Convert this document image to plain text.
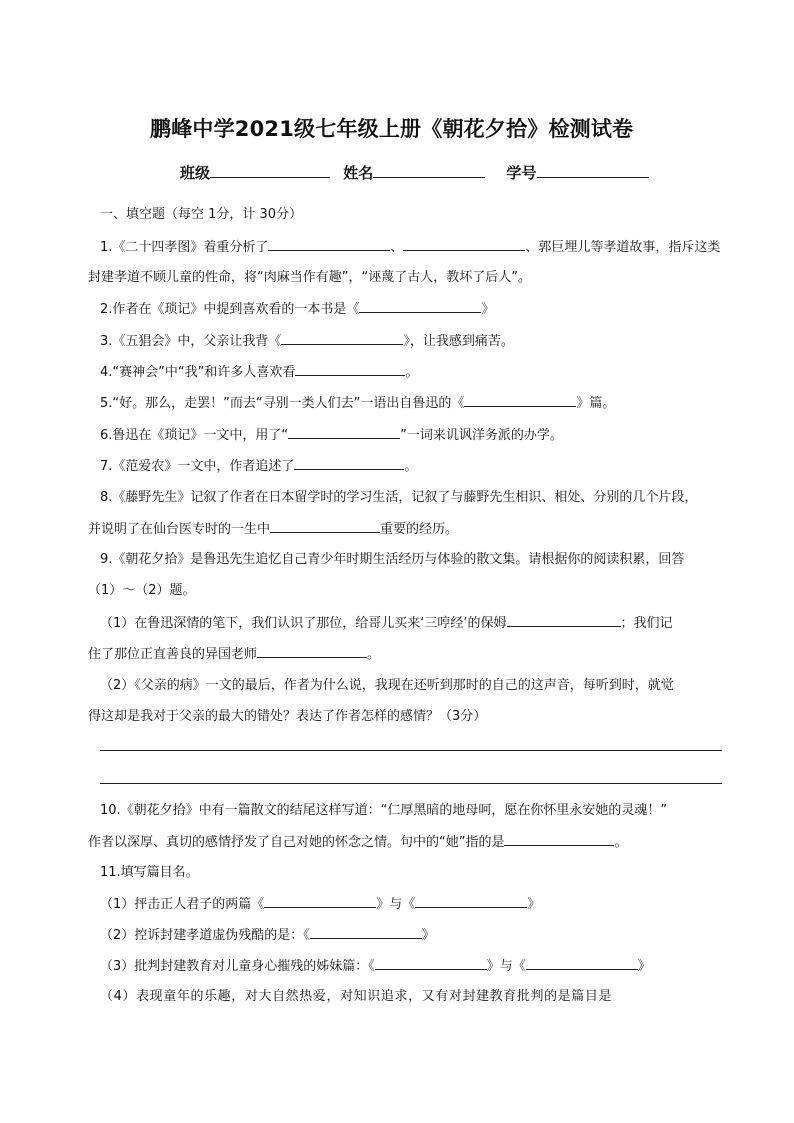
鹏峰中学2021级七年级上册《朝花夕拾》检测试卷
班级	姓名	学号
一、填空题（每空 1分，计 30分）
1.《二十四孝图》着重分析了	、	、郭巨埋儿等孝道故事，指斥这类
封建孝道不顾儿童的性命，将“肉麻当作有趣”，“诬蔑了古人，教坏了后人”。
2.作者在《琐记》中提到喜欢看的一本书是《	》
3.《五猖会》中，父亲让我背《	》，让我感到痛苦。
4.“赛神会”中“我”和许多人喜欢看	。
5.“好。那么，走罢！”而去“寻别一类人们去”一语出自鲁迅的《	》篇。
6.鲁迅在《琐记》一文中，用了“	”一词来讥讽洋务派的办学。
7.《范爱农》一文中，作者追述了	。
8.《藤野先生》记叙了作者在日本留学时的学习生活，记叙了与藤野先生相识、相处、分别的几个片段，
并说明了在仙台医专时的一生中	重要的经历。
9.《朝花夕拾》是鲁迅先生追忆自己青少年时期生活经历与体验的散文集。请根据你的阅读积累，回答
（1）～（2）题。
（1）在鲁迅深情的笔下，我们认识了那位，给哥儿买来‘三哼经’的保姆	；我们记
住了那位正直善良的异国老师	。
（2）《父亲的病》一文的最后，作者为什么说，我现在还听到那时的自己的这声音，每听到时，就觉
得这却是我对于父亲的最大的错处？表达了作者怎样的感情？（3分）
10.《朝花夕拾》中有一篇散文的结尾这样写道：“仁厚黑暗的地母呵，愿在你怀里永安她的灵魂！”
作者以深厚、真切的感情抒发了自己对她的怀念之情。句中的“她”指的是	。
11.填写篇目名。
（1）抨击正人君子的两篇《	》与《	》
（2）控诉封建孝道虚伪残酷的是：《	》
（3）批判封建教育对儿童身心摧残的姊妹篇：《	》与《	》
（4）表现童年的乐趣，对大自然热爱，对知识追求，又有对封建教育批判的是篇目是
